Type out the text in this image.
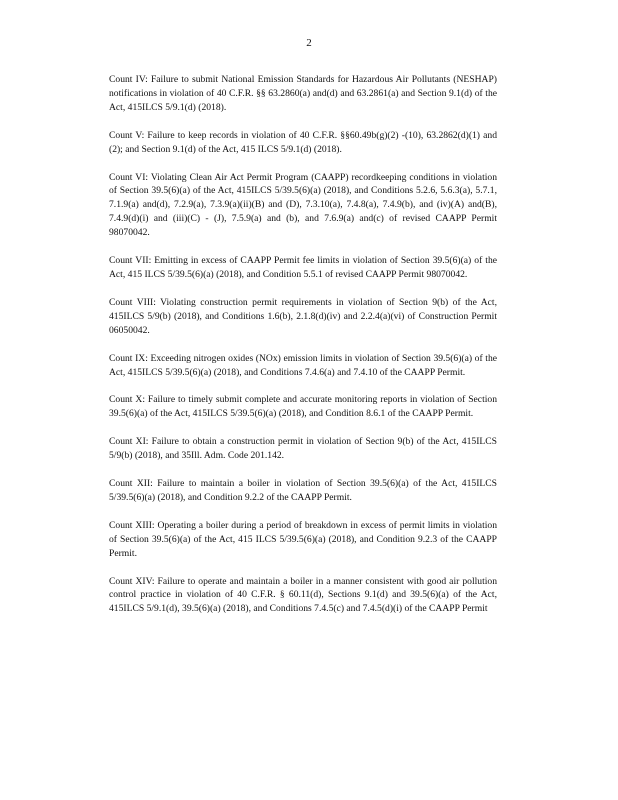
2

Count IV: Failure to submit National Emission Standards for Hazardous Air Pollutants (NESHAP) notifications in violation of 40 C.F.R. §§ 63.2860(a) and(d) and 63.2861(a) and Section 9.1(d) of the Act, 415ILCS 5/9.1(d) (2018).

Count V: Failure to keep records in violation of 40 C.F.R. §§60.49b(g)(2) -(10), 63.2862(d)(1) and (2); and Section 9.1(d) of the Act, 415 ILCS 5/9.1(d) (2018).

Count VI: Violating Clean Air Act Permit Program (CAAPP) recordkeeping conditions in violation of Section 39.5(6)(a) of the Act, 415ILCS 5/39.5(6)(a) (2018), and Conditions 5.2.6, 5.6.3(a), 5.7.1, 7.1.9(a) and(d), 7.2.9(a), 7.3.9(a)(ii)(B) and (D), 7.3.10(a), 7.4.8(a), 7.4.9(b), and (iv)(A) and(B), 7.4.9(d)(i) and (iii)(C) - (J), 7.5.9(a) and (b), and 7.6.9(a) and(c) of revised CAAPP Permit 98070042.

Count VII: Emitting in excess of CAAPP Permit fee limits in violation of Section 39.5(6)(a) of the Act, 415 ILCS 5/39.5(6)(a) (2018), and Condition 5.5.1 of revised CAAPP Permit 98070042.

Count VIII: Violating construction permit requirements in violation of Section 9(b) of the Act, 415ILCS 5/9(b) (2018), and Conditions 1.6(b), 2.1.8(d)(iv) and 2.2.4(a)(vi) of Construction Permit 06050042.

Count IX: Exceeding nitrogen oxides (NOx) emission limits in violation of Section 39.5(6)(a) of the Act, 415ILCS 5/39.5(6)(a) (2018), and Conditions 7.4.6(a) and 7.4.10 of the CAAPP Permit.

Count X: Failure to timely submit complete and accurate monitoring reports in violation of Section 39.5(6)(a) of the Act, 415ILCS 5/39.5(6)(a) (2018), and Condition 8.6.1 of the CAAPP Permit.

Count XI: Failure to obtain a construction permit in violation of Section 9(b) of the Act, 415ILCS 5/9(b) (2018), and 35Ill. Adm. Code 201.142.

Count XII: Failure to maintain a boiler in violation of Section 39.5(6)(a) of the Act, 415ILCS 5/39.5(6)(a) (2018), and Condition 9.2.2 of the CAAPP Permit.

Count XIII: Operating a boiler during a period of breakdown in excess of permit limits in violation of Section 39.5(6)(a) of the Act, 415 ILCS 5/39.5(6)(a) (2018), and Condition 9.2.3 of the CAAPP Permit.

Count XIV: Failure to operate and maintain a boiler in a manner consistent with good air pollution control practice in violation of 40 C.F.R. § 60.11(d), Sections 9.1(d) and 39.5(6)(a) of the Act, 415ILCS 5/9.1(d), 39.5(6)(a) (2018), and Conditions 7.4.5(c) and 7.4.5(d)(i) of the CAAPP Permit
